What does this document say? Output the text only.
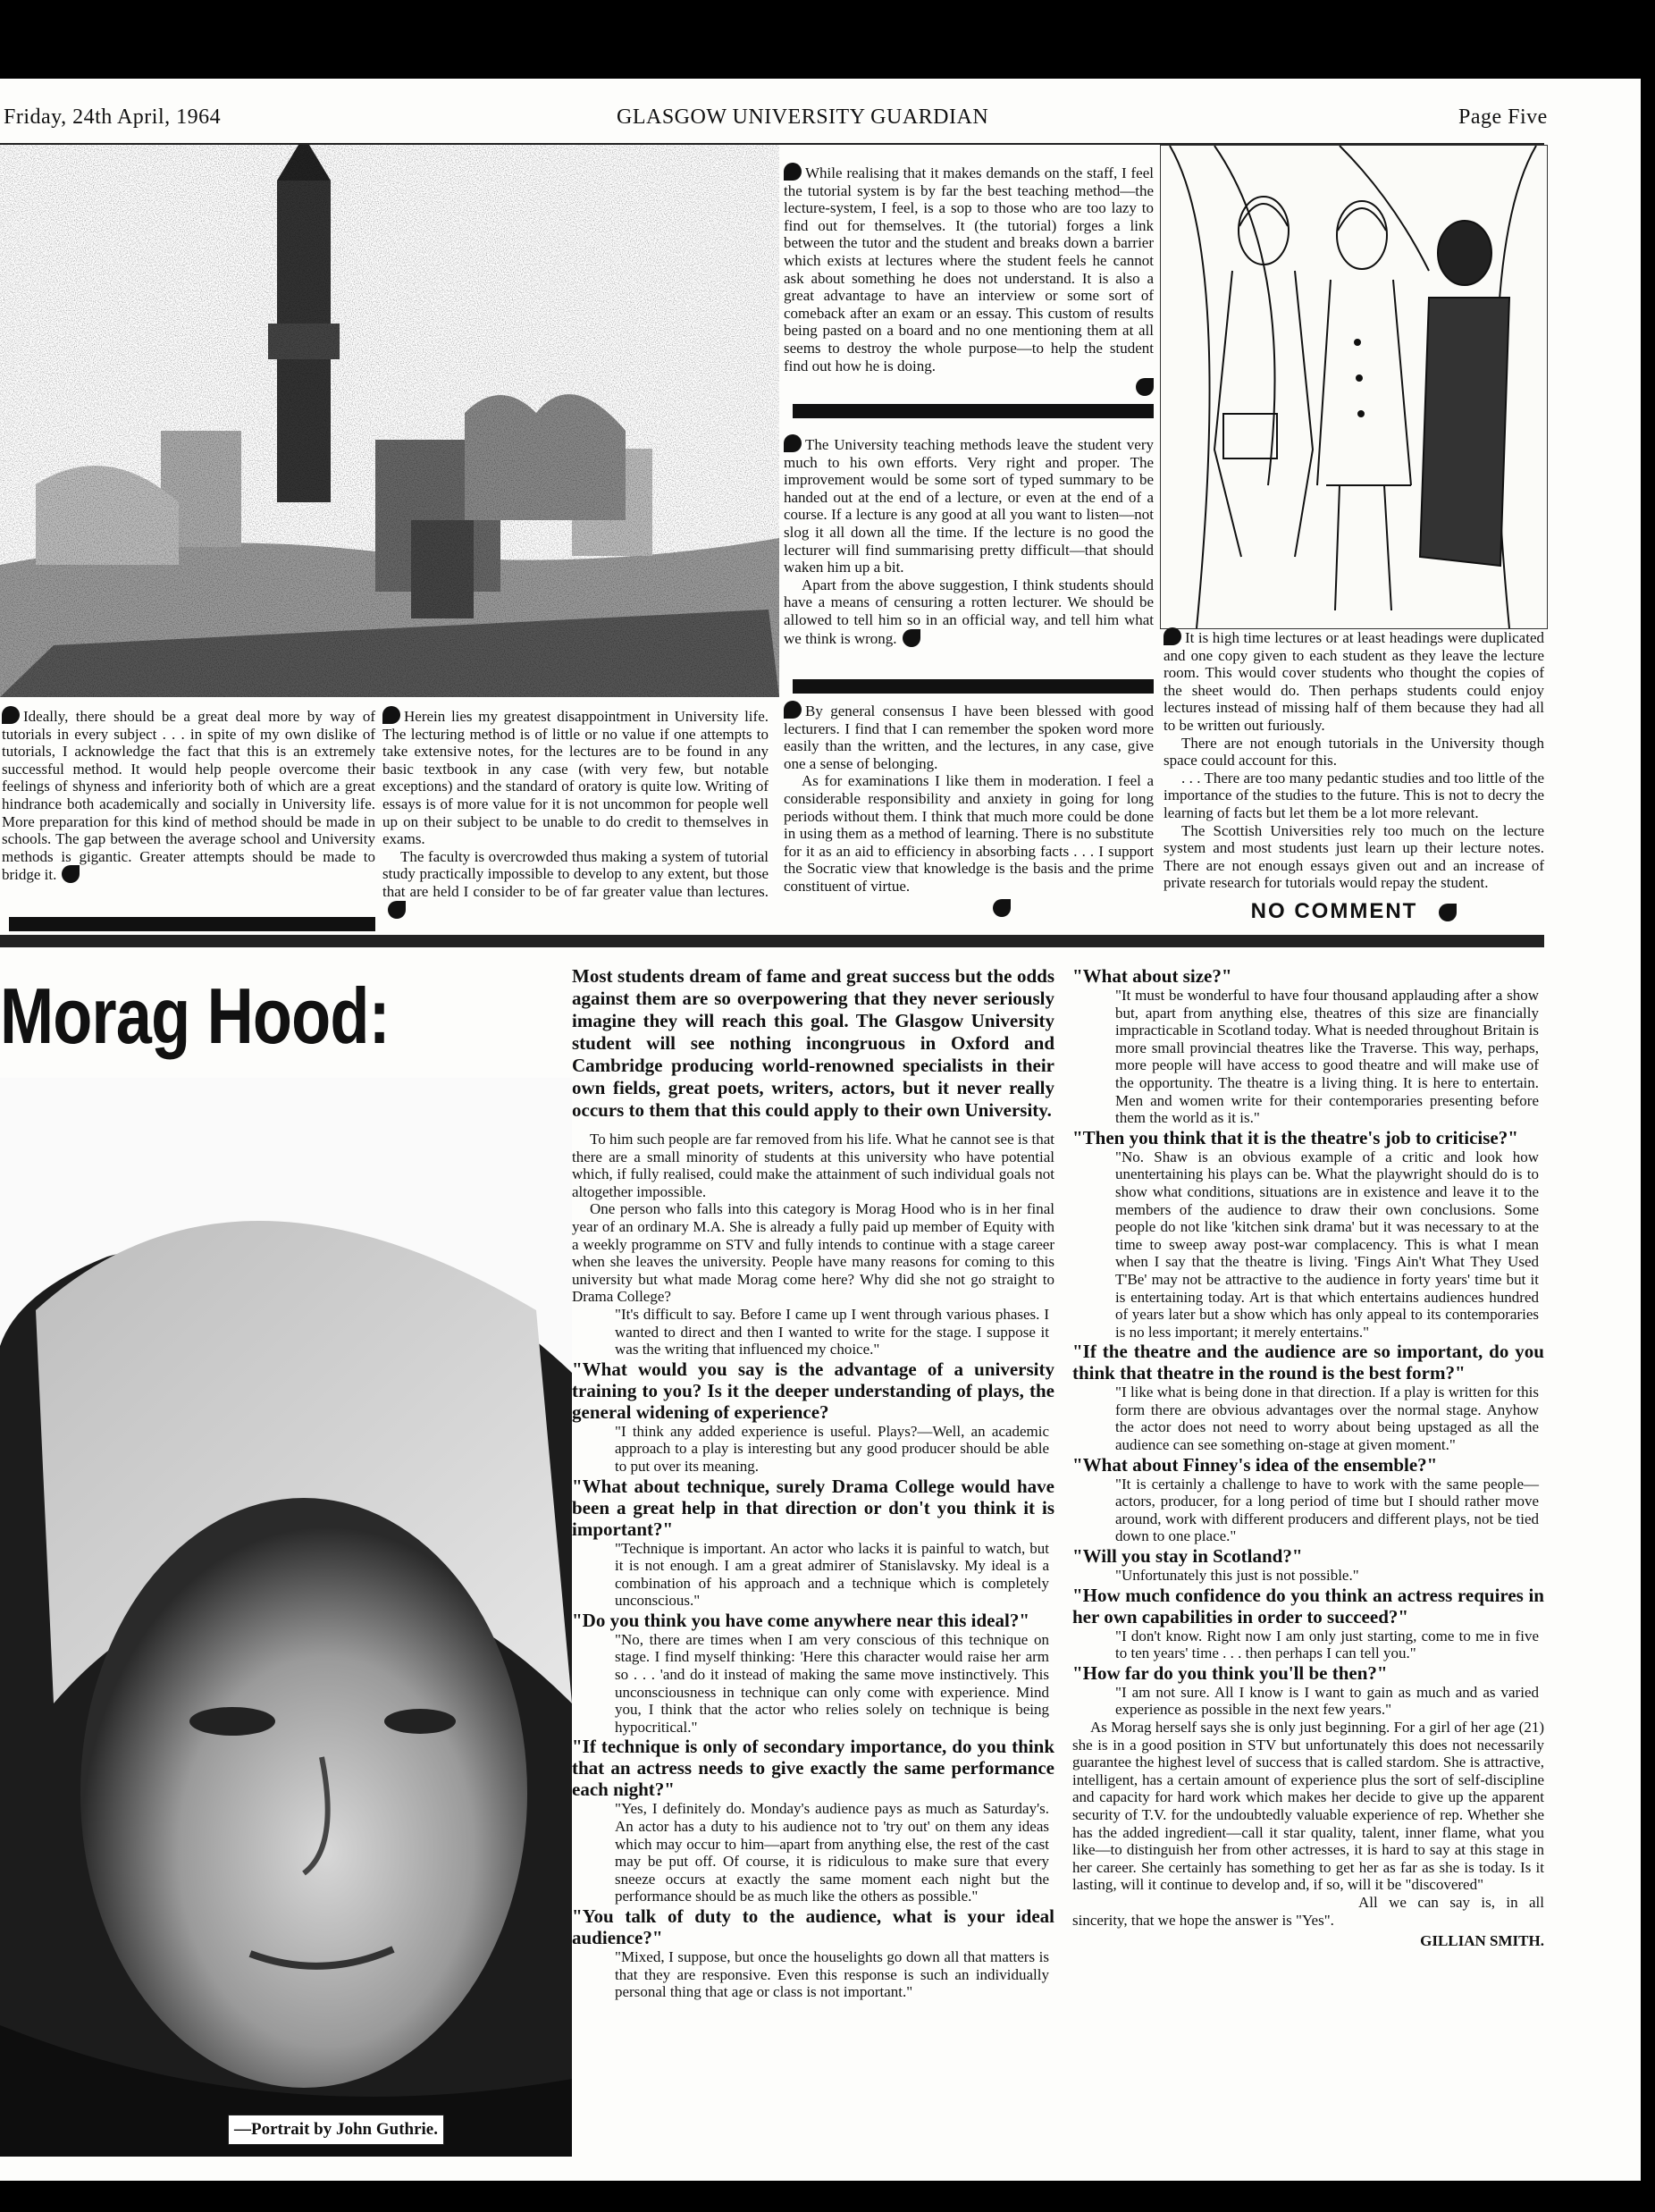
Friday, 24th April, 1964	GLASGOW UNIVERSITY GUARDIAN	Page Five

While realising that it makes demands on the staff, I feel the tutorial system is by far the best teaching method—the lecture-system, I feel, is a sop to those who are too lazy to find out for themselves. It (the tutorial) forges a link between the tutor and the student and breaks down a barrier which exists at lectures where the student feels he cannot ask about something he does not understand. It is also a great advantage to have an interview or some sort of comeback after an exam or an essay. This custom of results being pasted on a board and no one mentioning them at all seems to destroy the whole purpose—to help the student find out how he is doing.

The University teaching methods leave the student very much to his own efforts. Very right and proper. The improvement would be some sort of typed summary to be handed out at the end of a lecture, or even at the end of a course. If a lecture is any good at all you want to listen—not slog it all down all the time. If the lecture is no good the lecturer will find summarising pretty difficult—that should waken him up a bit.

Apart from the above suggestion, I think students should have a means of censuring a rotten lecturer. We should be allowed to tell him so in an official way, and tell him what we think is wrong.

Ideally, there should be a great deal more by way of tutorials in every subject . . . in spite of my own dislike of tutorials, I acknowledge the fact that this is an extremely successful method. It would help people overcome their feelings of shyness and inferiority both of which are a great hindrance both academically and socially in University life. More preparation for this kind of method should be made in schools. The gap between the average school and University methods is gigantic. Greater attempts should be made to bridge it.

Herein lies my greatest disappointment in University life. The lecturing method is of little or no value if one attempts to take extensive notes, for the lectures are to be found in any basic textbook in any case (with very few, but notable exceptions) and the standard of oratory is quite low. Writing of essays is of more value for it is not uncommon for people well up on their subject to be unable to do credit to themselves in exams.

The faculty is overcrowded thus making a system of tutorial study practically impossible to develop to any extent, but those that are held I consider to be of far greater value than lectures.

By general consensus I have been blessed with good lecturers. I find that I can remember the spoken word more easily than the written, and the lectures, in any case, give one a sense of belonging.

As for examinations I like them in moderation. I feel a considerable responsibility and anxiety in going for long periods without them. I think that much more could be done in using them as a method of learning. There is no substitute for it as an aid to efficiency in absorbing facts . . . I support the Socratic view that knowledge is the basis and the prime constituent of virtue.

It is high time lectures or at least headings were duplicated and one copy given to each student as they leave the lecture room. This would cover students who thought the copies of the sheet would do. Then perhaps students could enjoy lectures instead of missing half of them because they had all to be written out furiously.

There are not enough tutorials in the University though space could account for this.

. . . There are too many pedantic studies and too little of the importance of the studies to the future. This is not to decry the learning of facts but let them be a lot more relevant.

The Scottish Universities rely too much on the lecture system and most students just learn up their lecture notes. There are not enough essays given out and an increase of private research for tutorials would repay the student.

NO COMMENT
Morag Hood:
—Portrait by John Guthrie.

Most students dream of fame and great success but the odds against them are so overpowering that they never seriously imagine they will reach this goal. The Glasgow University student will see nothing incongruous in Oxford and Cambridge producing world-renowned specialists in their own fields, great poets, writers, actors, but it never really occurs to them that this could apply to their own University.

To him such people are far removed from his life. What he cannot see is that there are a small minority of students at this university who have potential which, if fully realised, could make the attainment of such individual goals not altogether impossible.

One person who falls into this category is Morag Hood who is in her final year of an ordinary M.A. She is already a fully paid up member of Equity with a weekly programme on STV and fully intends to continue with a stage career when she leaves the university. People have many reasons for coming to this university but what made Morag come here? Why did she not go straight to Drama College?

"It's difficult to say. Before I came up I went through various phases. I wanted to direct and then I wanted to write for the stage. I suppose it was the writing that influenced my choice."

"What would you say is the advantage of a university training to you? Is it the deeper understanding of plays, the general widening of experience?

"I think any added experience is useful. Plays?—Well, an academic approach to a play is interesting but any good producer should be able to put over its meaning.

"What about technique, surely Drama College would have been a great help in that direction or don't you think it is important?"

"Technique is important. An actor who lacks it is painful to watch, but it is not enough. I am a great admirer of Stanislavsky. My ideal is a combination of his approach and a technique which is completely unconscious."

"Do you think you have come anywhere near this ideal?"

"No, there are times when I am very conscious of this technique on stage. I find myself thinking: 'Here this character would raise her arm so . . . 'and do it instead of making the same move instinctively. This unconsciousness in technique can only come with experience. Mind you, I think that the actor who relies solely on technique is being hypocritical."

"If technique is only of secondary importance, do you think that an actress needs to give exactly the same performance each night?"

"Yes, I definitely do. Monday's audience pays as much as Saturday's. An actor has a duty to his audience not to 'try out' on them any ideas which may occur to him—apart from anything else, the rest of the cast may be put off. Of course, it is ridiculous to make sure that every sneeze occurs at exactly the same moment each night but the performance should be as much like the others as possible."

"You talk of duty to the audience, what is your ideal audience?"

"Mixed, I suppose, but once the houselights go down all that matters is that they are responsive. Even this response is such an individually personal thing that age or class is not important."

"What about size?"

"It must be wonderful to have four thousand applauding after a show but, apart from anything else, theatres of this size are financially impracticable in Scotland today. What is needed throughout Britain is more small provincial theatres like the Traverse. This way, perhaps, more people will have access to good theatre and will make use of the opportunity. The theatre is a living thing. It is here to entertain. Men and women write for their contemporaries presenting before them the world as it is."

"Then you think that it is the theatre's job to criticise?"

"No. Shaw is an obvious example of a critic and look how unentertaining his plays can be. What the playwright should do is to show what conditions, situations are in existence and leave it to the members of the audience to draw their own conclusions. Some people do not like 'kitchen sink drama' but it was necessary to at the time to sweep away post-war complacency. This is what I mean when I say that the theatre is living. 'Fings Ain't What They Used T'Be' may not be attractive to the audience in forty years' time but it is entertaining today. Art is that which entertains audiences hundred of years later but a show which has only appeal to its contemporaries is no less important; it merely entertains."

"If the theatre and the audience are so important, do you think that theatre in the round is the best form?"

"I like what is being done in that direction. If a play is written for this form there are obvious advantages over the normal stage. Anyhow the actor does not need to worry about being upstaged as all the audience can see something on-stage at given moment."

"What about Finney's idea of the ensemble?"

"It is certainly a challenge to have to work with the same people—actors, producer, for a long period of time but I should rather move around, work with different producers and different plays, not be tied down to one place."

"Will you stay in Scotland?"

"Unfortunately this just is not possible."

"How much confidence do you think an actress requires in her own capabilities in order to succeed?"

"I don't know. Right now I am only just starting, come to me in five to ten years' time . . . then perhaps I can tell you."

"How far do you think you'll be then?"

"I am not sure. All I know is I want to gain as much and as varied experience as possible in the next few years."

As Morag herself says she is only just beginning. For a girl of her age (21) she is in a good position in STV but unfortunately this does not necessarily guarantee the highest level of success that is called stardom. She is attractive, intelligent, has a certain amount of experience plus the sort of self-discipline and capacity for hard work which makes her decide to give up the apparent security of T.V. for the undoubtedly valuable experience of rep. Whether she has the added ingredient—call it star quality, talent, inner flame, what you like—to distinguish her from other actresses, it is hard to say at this stage in her career. She certainly has something to get her as far as she is today. Is it lasting, will it continue to develop and, if so, will it be "discovered"

All we can say is, in all sincerity, that we hope the answer is "Yes".

GILLIAN SMITH.
